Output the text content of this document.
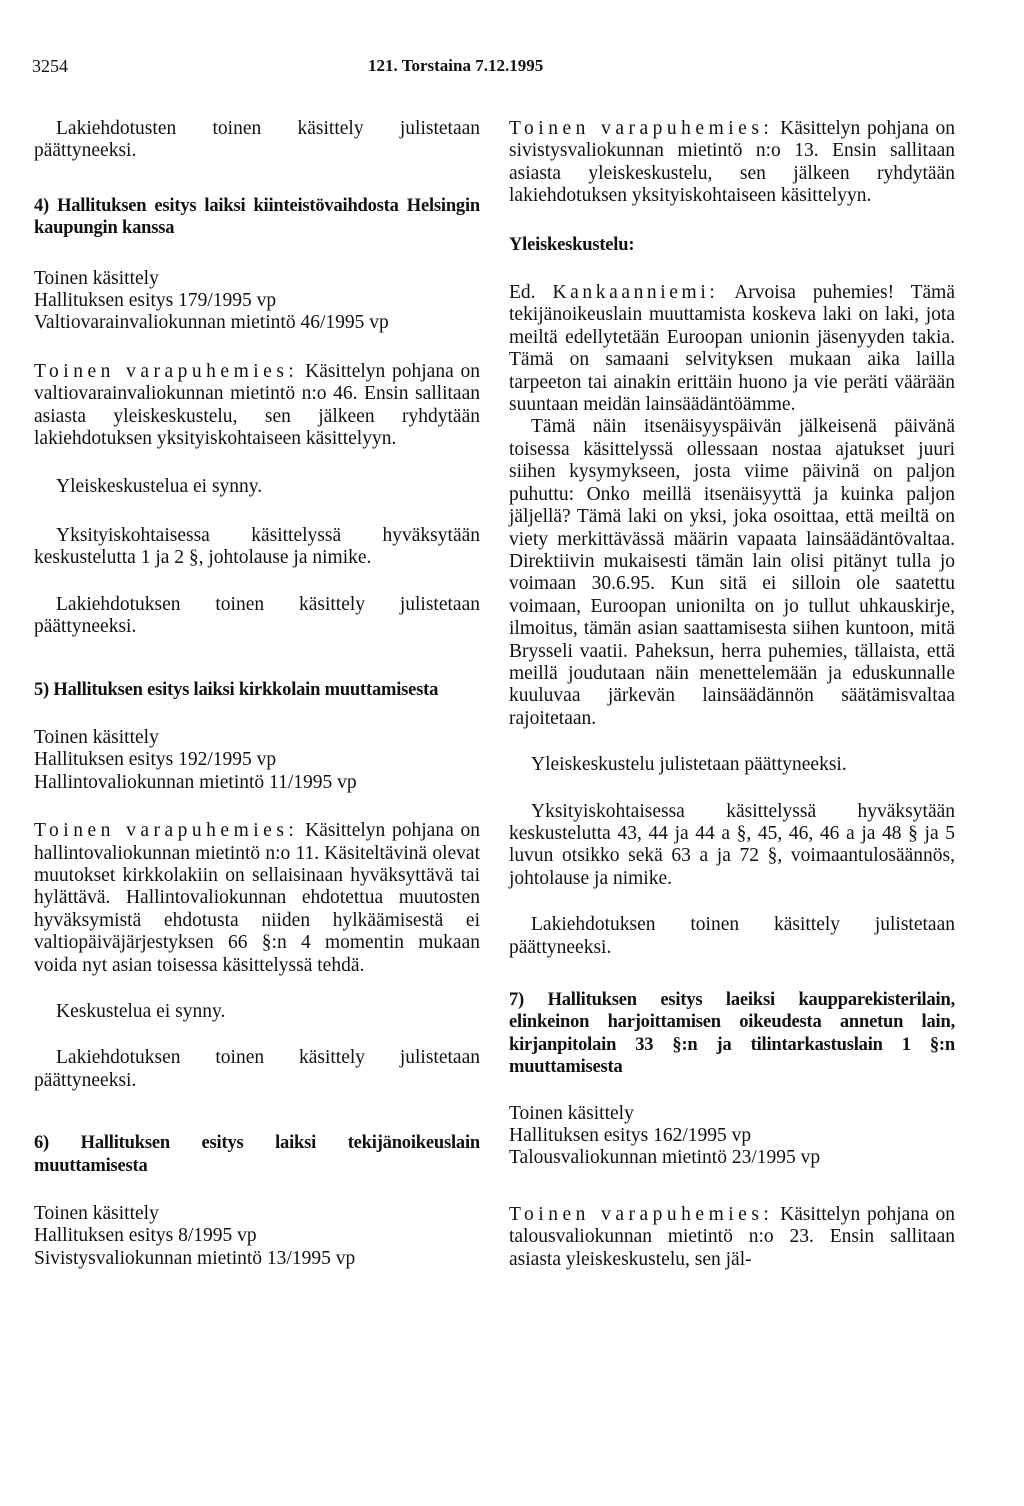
3254	121. Torstaina 7.12.1995

Lakiehdotusten toinen käsittely julistetaan päättyneeksi.

4) Hallituksen esitys laiksi kiinteistövaihdosta Helsingin kaupungin kanssa

Toinen käsittely
Hallituksen esitys 179/1995 vp
Valtiovarainvaliokunnan mietintö 46/1995 vp

Toinen varapuhemies: Käsittelyn pohjana on valtiovarainvaliokunnan mietintö n:o 46. Ensin sallitaan asiasta yleiskeskustelu, sen jälkeen ryhdytään lakiehdotuksen yksityiskohtaiseen käsittelyyn.

Yleiskeskustelua ei synny.

Yksityiskohtaisessa käsittelyssä hyväksytään keskustelutta 1 ja 2 §, johtolause ja nimike.

Lakiehdotuksen toinen käsittely julistetaan päättyneeksi.

5) Hallituksen esitys laiksi kirkkolain muuttamisesta

Toinen käsittely
Hallituksen esitys 192/1995 vp
Hallintovaliokunnan mietintö 11/1995 vp

Toinen varapuhemies: Käsittelyn pohjana on hallintovaliokunnan mietintö n:o 11. Käsiteltävinä olevat muutokset kirkkolakiin on sellaisinaan hyväksyttävä tai hylättävä. Hallintovaliokunnan ehdotettua muutosten hyväksymistä ehdotusta niiden hylkäämisestä ei valtiopäiväjärjestyksen 66 §:n 4 momentin mukaan voida nyt asian toisessa käsittelyssä tehdä.

Keskustelua ei synny.

Lakiehdotuksen toinen käsittely julistetaan päättyneeksi.

6) Hallituksen esitys laiksi tekijänoikeuslain muuttamisesta

Toinen käsittely
Hallituksen esitys 8/1995 vp
Sivistysvaliokunnan mietintö 13/1995 vp

Toinen varapuhemies: Käsittelyn pohjana on sivistysvaliokunnan mietintö n:o 13. Ensin sallitaan asiasta yleiskeskustelu, sen jälkeen ryhdytään lakiehdotuksen yksityiskohtaiseen käsittelyyn.

Yleiskeskustelu:

Ed. Kankaanniemi: Arvoisa puhemies! Tämä tekijänoikeuslain muuttamista koskeva laki on laki, jota meiltä edellytetään Euroopan unionin jäsenyyden takia. Tämä on samaani selvityksen mukaan aika lailla tarpeeton tai ainakin erittäin huono ja vie peräti väärään suuntaan meidän lainsäädäntöämme.

Tämä näin itsenäisyyspäivän jälkeisenä päivänä toisessa käsittelyssä ollessaan nostaa ajatukset juuri siihen kysymykseen, josta viime päivinä on paljon puhuttu: Onko meillä itsenäisyyttä ja kuinka paljon jäljellä? Tämä laki on yksi, joka osoittaa, että meiltä on viety merkittävässä määrin vapaata lainsäädäntövaltaa. Direktiivin mukaisesti tämän lain olisi pitänyt tulla jo voimaan 30.6.95. Kun sitä ei silloin ole saatettu voimaan, Euroopan unionilta on jo tullut uhkauskirje, ilmoitus, tämän asian saattamisesta siihen kuntoon, mitä Brysseli vaatii. Paheksun, herra puhemies, tällaista, että meillä joudutaan näin menettelemään ja eduskunnalle kuuluvaa järkevän lainsäädännön säätämisvaltaa rajoitetaan.

Yleiskeskustelu julistetaan päättyneeksi.

Yksityiskohtaisessa käsittelyssä hyväksytään keskustelutta 43, 44 ja 44 a §, 45, 46, 46 a ja 48 § ja 5 luvun otsikko sekä 63 a ja 72 §, voimaantulosäännös, johtolause ja nimike.

Lakiehdotuksen toinen käsittely julistetaan päättyneeksi.

7) Hallituksen esitys laeiksi kaupparekisterilain, elinkeinon harjoittamisen oikeudesta annetun lain, kirjanpitolain 33 §:n ja tilintarkastuslain 1 §:n muuttamisesta

Toinen käsittely
Hallituksen esitys 162/1995 vp
Talousvaliokunnan mietintö 23/1995 vp

Toinen varapuhemies: Käsittelyn pohjana on talousvaliokunnan mietintö n:o 23. Ensin sallitaan asiasta yleiskeskustelu, sen jäl-
